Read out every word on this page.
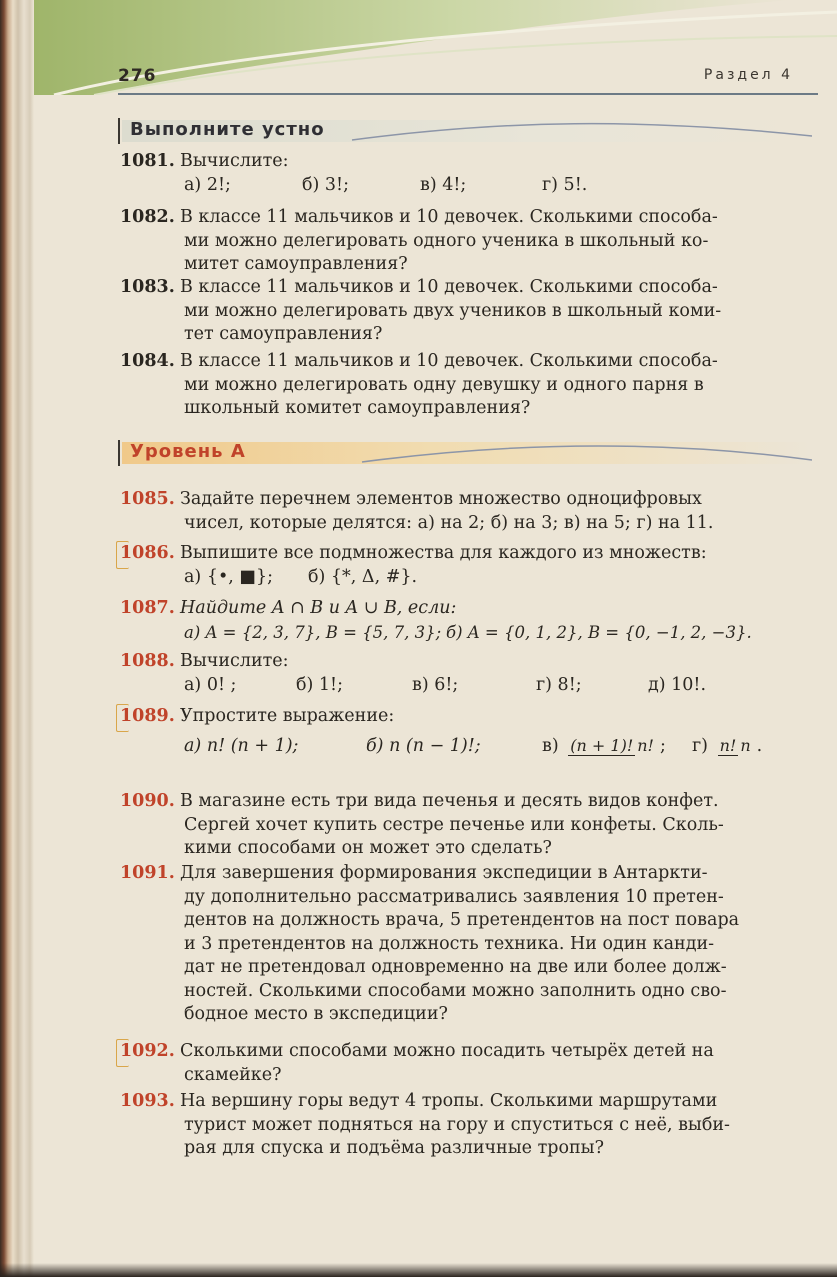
276	Раздел 4
Выполните устно
1081. Вычислите:
а) 2!;	б) 3!;	в) 4!;	г) 5!.
1082. В классе 11 мальчиков и 10 девочек. Сколькими способа-
ми можно делегировать одного ученика в школьный ко-
митет самоуправления?
1083. В классе 11 мальчиков и 10 девочек. Сколькими способа-
ми можно делегировать двух учеников в школьный коми-
тет самоуправления?
1084. В классе 11 мальчиков и 10 девочек. Сколькими способа-
ми можно делегировать одну девушку и одного парня в
школьный комитет самоуправления?
Уровень А
1085. Задайте перечнем элементов множество одноцифровых
чисел, которые делятся: а) на 2; б) на 3; в) на 5; г) на 11.
1086. Выпишите все подмножества для каждого из множеств:
а) {•, ■};	б) {*, Δ, #}.
1087. Найдите A ∩ B и A ∪ B, если:
а) A = {2, 3, 7}, B = {5, 7, 3}; б) A = {0, 1, 2}, B = {0, −1, 2, −3}.
1088. Вычислите:
а) 0! ;	б) 1!;	в) 6!;	г) 8!;	д) 10!.
1089. Упростите выражение:
а) n! (n + 1);	б) n (n − 1)!;	в) (n + 1)! n! ;	г) n! n .
1090. В магазине есть три вида печенья и десять видов конфет.
Сергей хочет купить сестре печенье или конфеты. Сколь-
кими способами он может это сделать?
1091. Для завершения формирования экспедиции в Антаркти-
ду дополнительно рассматривались заявления 10 претен-
дентов на должность врача, 5 претендентов на пост повара
и 3 претендентов на должность техника. Ни один канди-
дат не претендовал одновременно на две или более долж-
ностей. Сколькими способами можно заполнить одно сво-
бодное место в экспедиции?
1092. Сколькими способами можно посадить четырёх детей на
скамейке?
1093. На вершину горы ведут 4 тропы. Сколькими маршрутами
турист может подняться на гору и спуститься с неё, выби-
рая для спуска и подъёма различные тропы?
